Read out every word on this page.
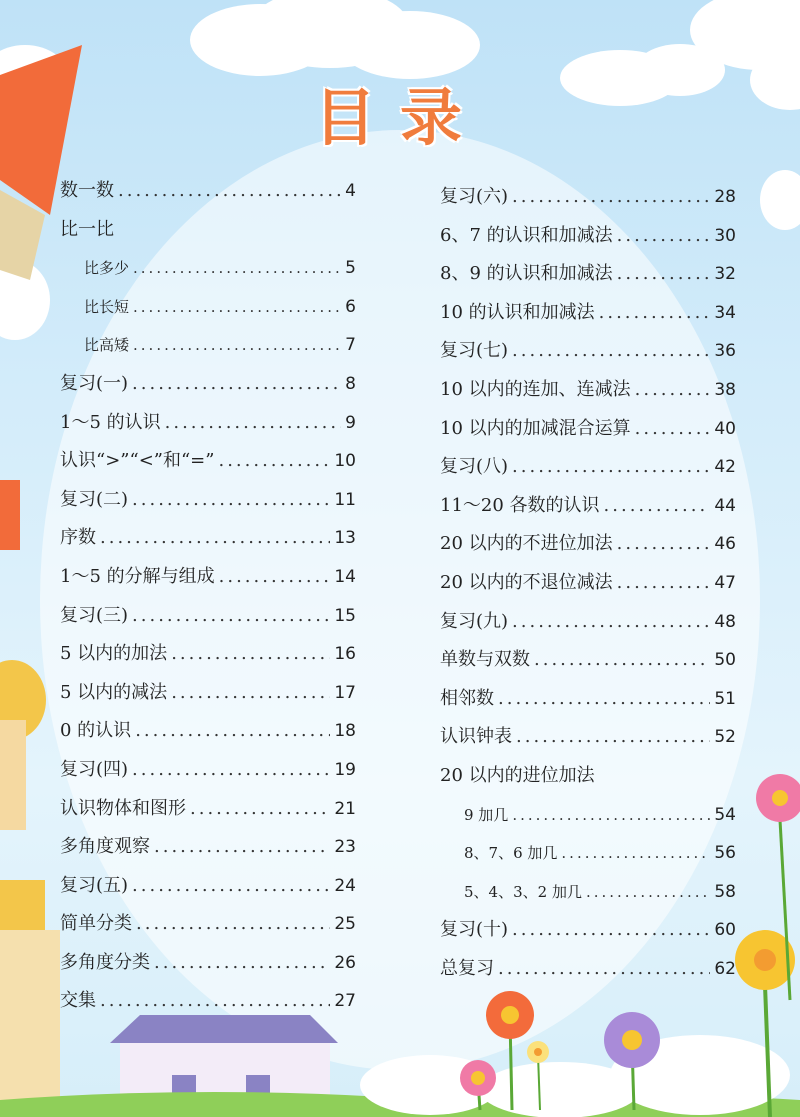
目录
数一数 .....	4
比一比
比多少 .....	5
比长短 .....	6
比高矮 .....	7
复习(一) .....	8
1～5 的认识 .....	9
认识“>”“<”和“=” .....	10
复习(二) .....	11
序数 .....	13
1～5 的分解与组成 .....	14
复习(三) .....	15
5 以内的加法 .....	16
5 以内的减法 .....	17
0 的认识 .....	18
复习(四) .....	19
认识物体和图形 .....	21
多角度观察 .....	23
复习(五) .....	24
简单分类 .....	25
多角度分类 .....	26
交集 .....	27
复习(六) .....	28
6、7 的认识和加减法 .....	30
8、9 的认识和加减法 .....	32
10 的认识和加减法 .....	34
复习(七) .....	36
10 以内的连加、连减法 .....	38
10 以内的加减混合运算 .....	40
复习(八) .....	42
11～20 各数的认识 .....	44
20 以内的不进位加法 .....	46
20 以内的不退位减法 .....	47
复习(九) .....	48
单数与双数 .....	50
相邻数 .....	51
认识钟表 .....	52
20 以内的进位加法
9 加几 .....	54
8、7、6 加几 .....	56
5、4、3、2 加几 .....	58
复习(十) .....	60
总复习 .....	62
